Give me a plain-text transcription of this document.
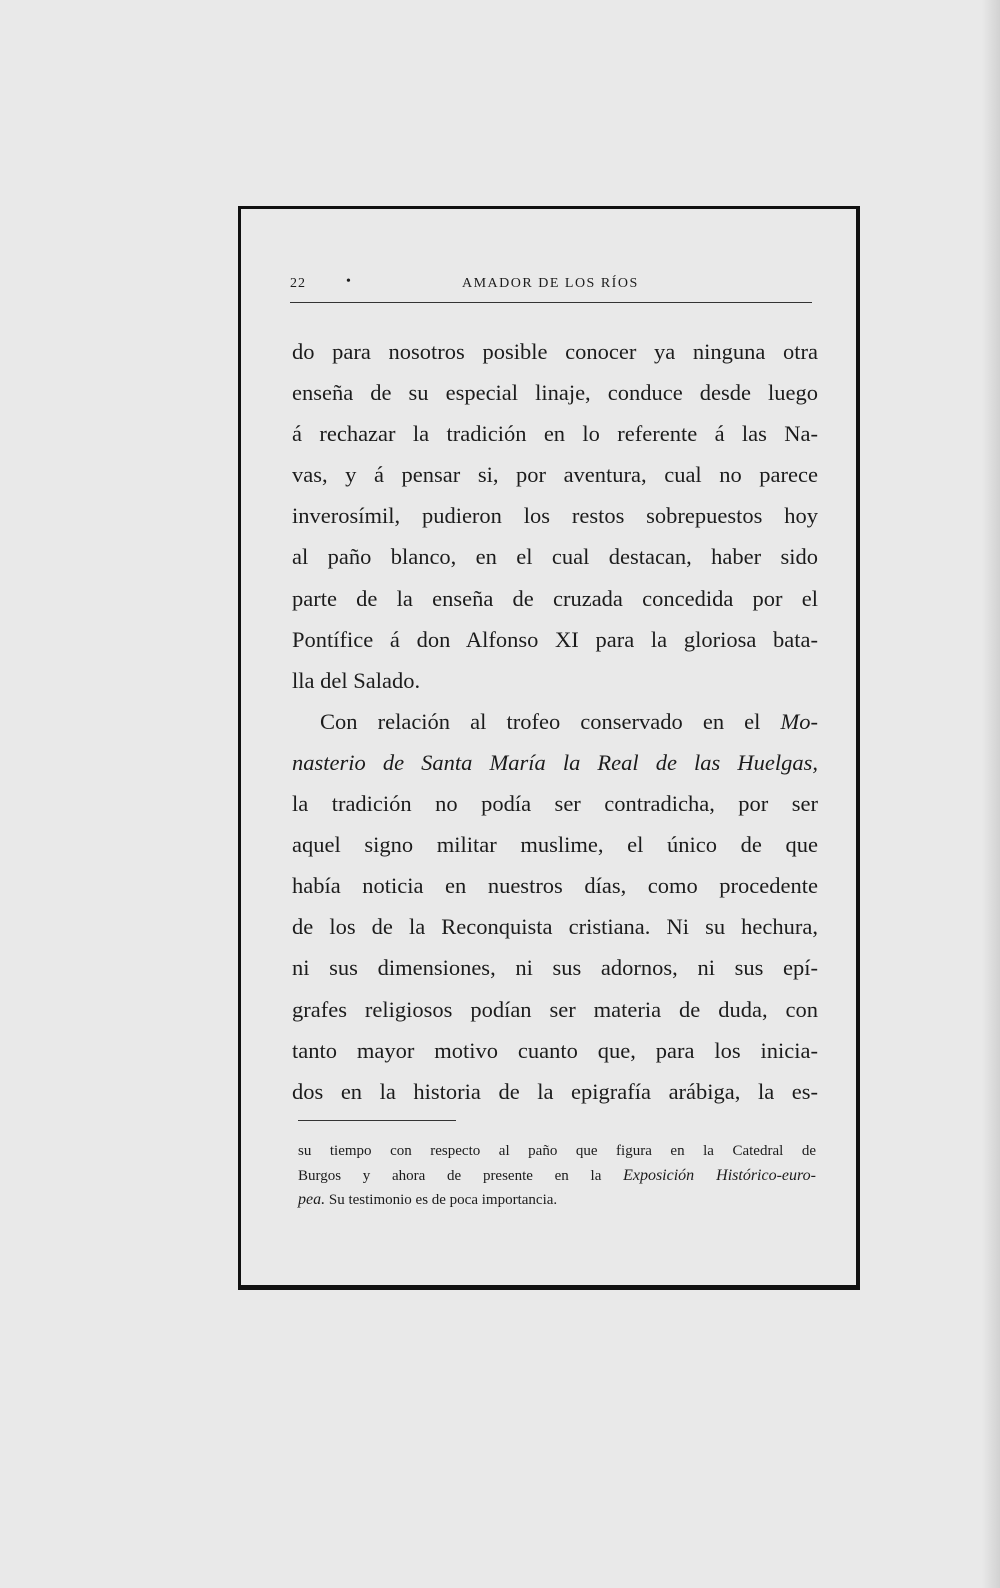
22	•	AMADOR DE LOS RÍOS
do para nosotros posible conocer ya ninguna otra
enseña de su especial linaje, conduce desde luego
á rechazar la tradición en lo referente á las Na-
vas, y á pensar si, por aventura, cual no parece
inverosímil, pudieron los restos sobrepuestos hoy
al paño blanco, en el cual destacan, haber sido
parte de la enseña de cruzada concedida por el
Pontífice á don Alfonso XI para la gloriosa bata-
lla del Salado.
Con relación al trofeo conservado en el Mo-
nasterio de Santa María la Real de las Huelgas,
la tradición no podía ser contradicha, por ser
aquel signo militar muslime, el único de que
había noticia en nuestros días, como procedente
de los de la Reconquista cristiana. Ni su hechura,
ni sus dimensiones, ni sus adornos, ni sus epí-
grafes religiosos podían ser materia de duda, con
tanto mayor motivo cuanto que, para los inicia-
dos en la historia de la epigrafía arábiga, la es-
su tiempo con respecto al paño que figura en la Catedral de
Burgos y ahora de presente en la Exposición Histórico-euro-
pea. Su testimonio es de poca importancia.
